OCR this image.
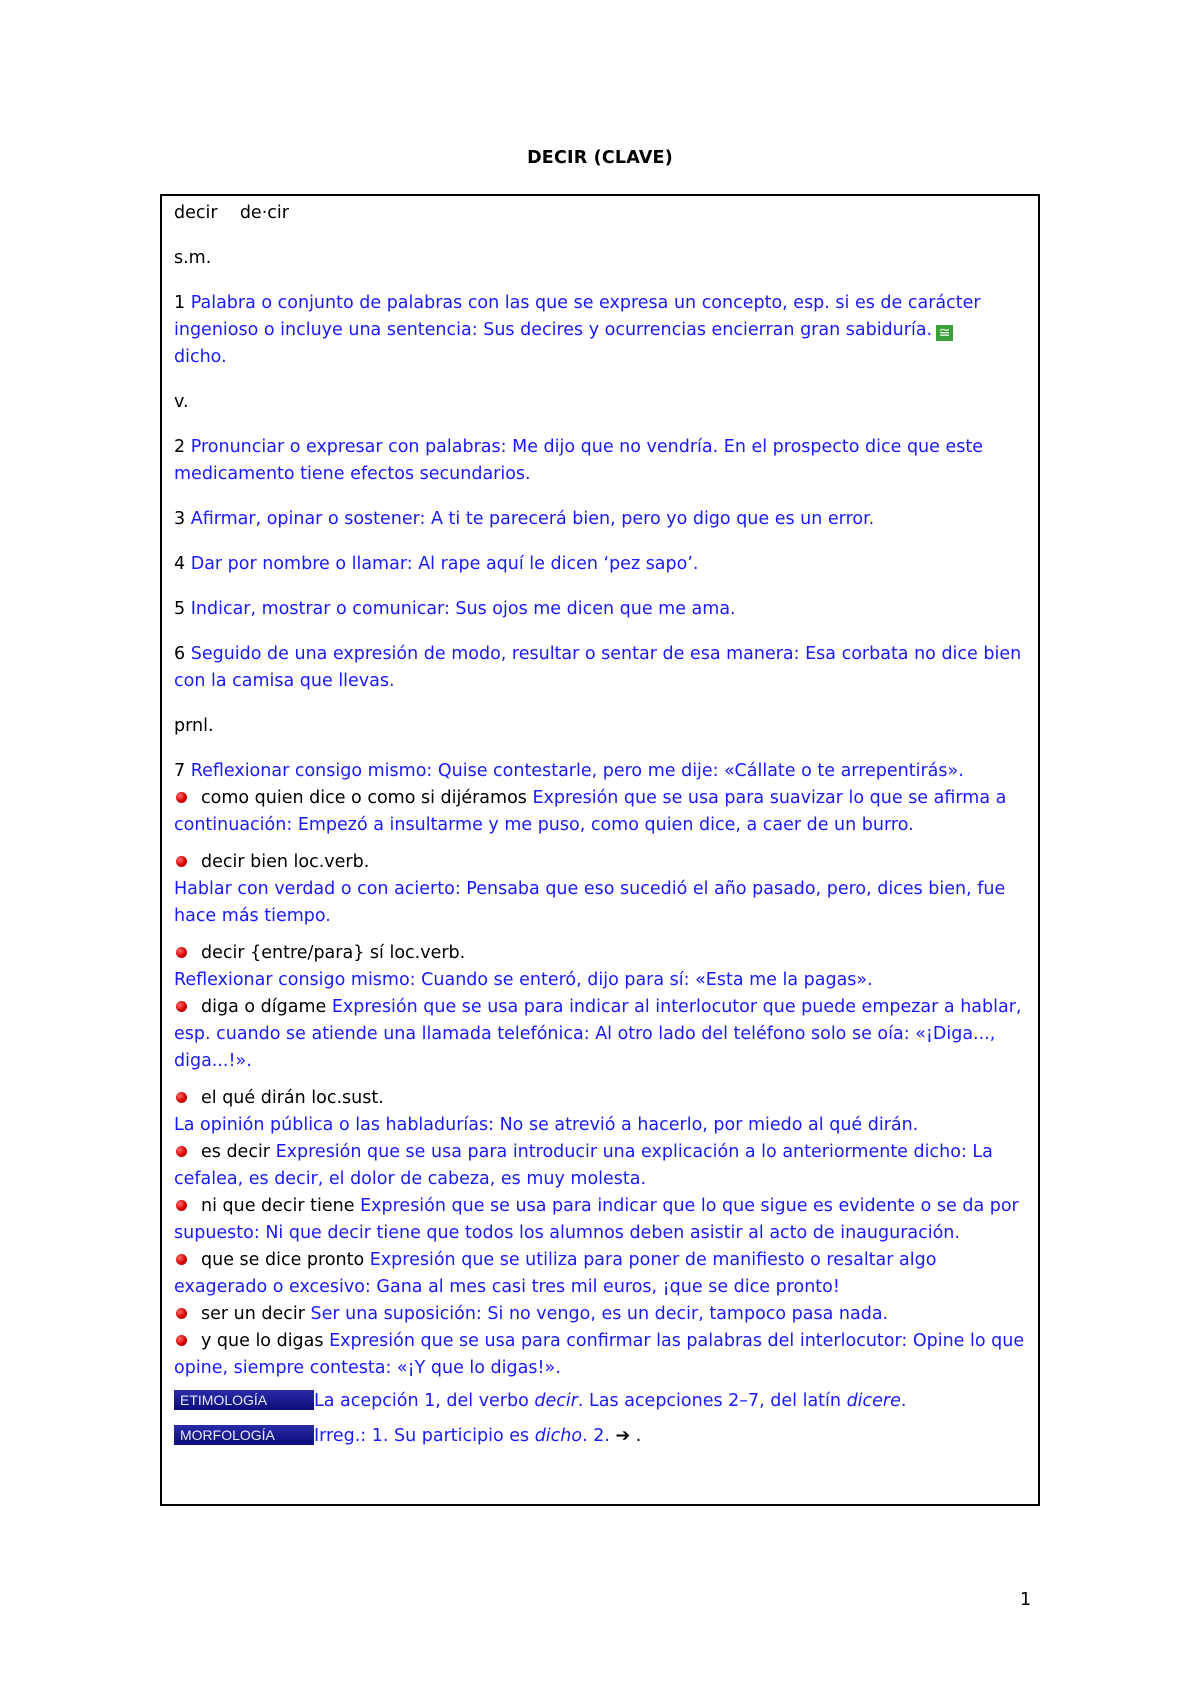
DECIR (CLAVE)

decir de·cir

s.m.

1 Palabra o conjunto de palabras con las que se expresa un concepto, esp. si es de carácter ingenioso o incluye una sentencia: Sus decires y ocurrencias encierran gran sabiduría. ≅
dicho.

v.

2 Pronunciar o expresar con palabras: Me dijo que no vendría. En el prospecto dice que este medicamento tiene efectos secundarios.

3 Afirmar, opinar o sostener: A ti te parecerá bien, pero yo digo que es un error.

4 Dar por nombre o llamar: Al rape aquí le dicen ‘pez sapo’.

5 Indicar, mostrar o comunicar: Sus ojos me dicen que me ama.

6 Seguido de una expresión de modo, resultar o sentar de esa manera: Esa corbata no dice bien con la camisa que llevas.

prnl.

7 Reflexionar consigo mismo: Quise contestarle, pero me dije: «Cállate o te arrepentirás».

como quien dice o como si dijéramos Expresión que se usa para suavizar lo que se afirma a continuación: Empezó a insultarme y me puso, como quien dice, a caer de un burro.

decir bien loc.verb.
Hablar con verdad o con acierto: Pensaba que eso sucedió el año pasado, pero, dices bien, fue hace más tiempo.

decir {entre/para} sí loc.verb.
Reflexionar consigo mismo: Cuando se enteró, dijo para sí: «Esta me la pagas».

diga o dígame Expresión que se usa para indicar al interlocutor que puede empezar a hablar, esp. cuando se atiende una llamada telefónica: Al otro lado del teléfono solo se oía: «¡Diga..., diga...!».

el qué dirán loc.sust.
La opinión pública o las habladurías: No se atrevió a hacerlo, por miedo al qué dirán.

es decir Expresión que se usa para introducir una explicación a lo anteriormente dicho: La cefalea, es decir, el dolor de cabeza, es muy molesta.

ni que decir tiene Expresión que se usa para indicar que lo que sigue es evidente o se da por supuesto: Ni que decir tiene que todos los alumnos deben asistir al acto de inauguración.

que se dice pronto Expresión que se utiliza para poner de manifiesto o resaltar algo exagerado o excesivo: Gana al mes casi tres mil euros, ¡que se dice pronto!

ser un decir Ser una suposición: Si no vengo, es un decir, tampoco pasa nada.

y que lo digas Expresión que se usa para confirmar las palabras del interlocutor: Opine lo que opine, siempre contesta: «¡Y que lo digas!».

ETIMOLOGÍA	La acepción 1, del verbo decir. Las acepciones 2–7, del latín dicere.

MORFOLOGÍA Irreg.: 1. Su participio es dicho. 2. ➔ .

1
